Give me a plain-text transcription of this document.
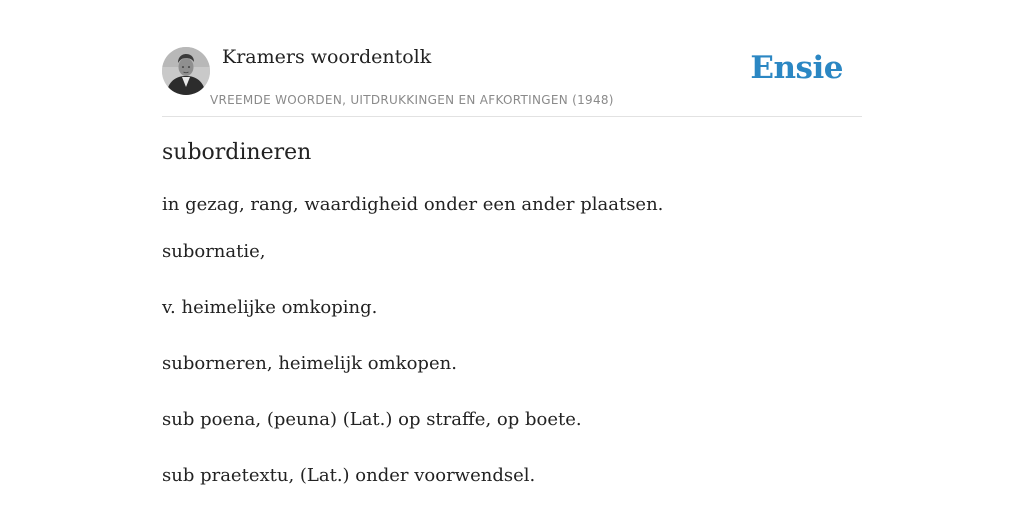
Kramers woordentolk
VREEMDE WOORDEN, UITDRUKKINGEN EN AFKORTINGEN (1948)
Ensie
subordineren

in gezag, rang, waardigheid onder een ander plaatsen.

subornatie,

v. heimelijke omkoping.

suborneren, heimelijk omkopen.

sub poena, (peuna) (Lat.) op straffe, op boete.

sub praetextu, (Lat.) onder voorwendsel.
